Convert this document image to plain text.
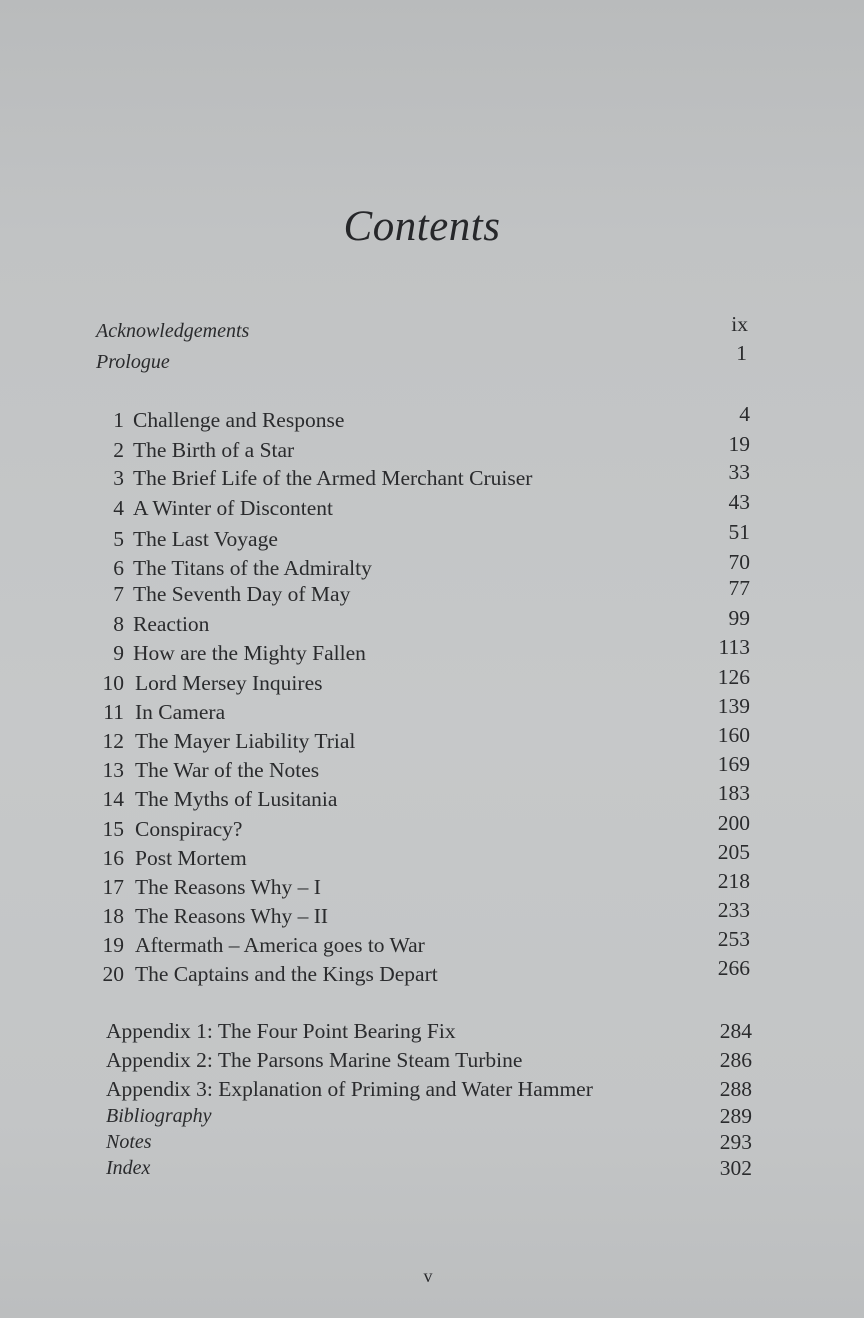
Contents
Acknowledgements	ix
Prologue	1
1 Challenge and Response	4
2 The Birth of a Star	19
3 The Brief Life of the Armed Merchant Cruiser	33
4 A Winter of Discontent	43
5 The Last Voyage	51
6 The Titans of the Admiralty	70
7 The Seventh Day of May	77
8 Reaction	99
9 How are the Mighty Fallen	113
10 Lord Mersey Inquires	126
11 In Camera	139
12 The Mayer Liability Trial	160
13 The War of the Notes	169
14 The Myths of Lusitania	183
15 Conspiracy?	200
16 Post Mortem	205
17 The Reasons Why – I	218
18 The Reasons Why – II	233
19 Aftermath – America goes to War	253
20 The Captains and the Kings Depart	266
Appendix 1: The Four Point Bearing Fix	284
Appendix 2: The Parsons Marine Steam Turbine	286
Appendix 3: Explanation of Priming and Water Hammer	288
Bibliography	289
Notes	293
Index	302
v
